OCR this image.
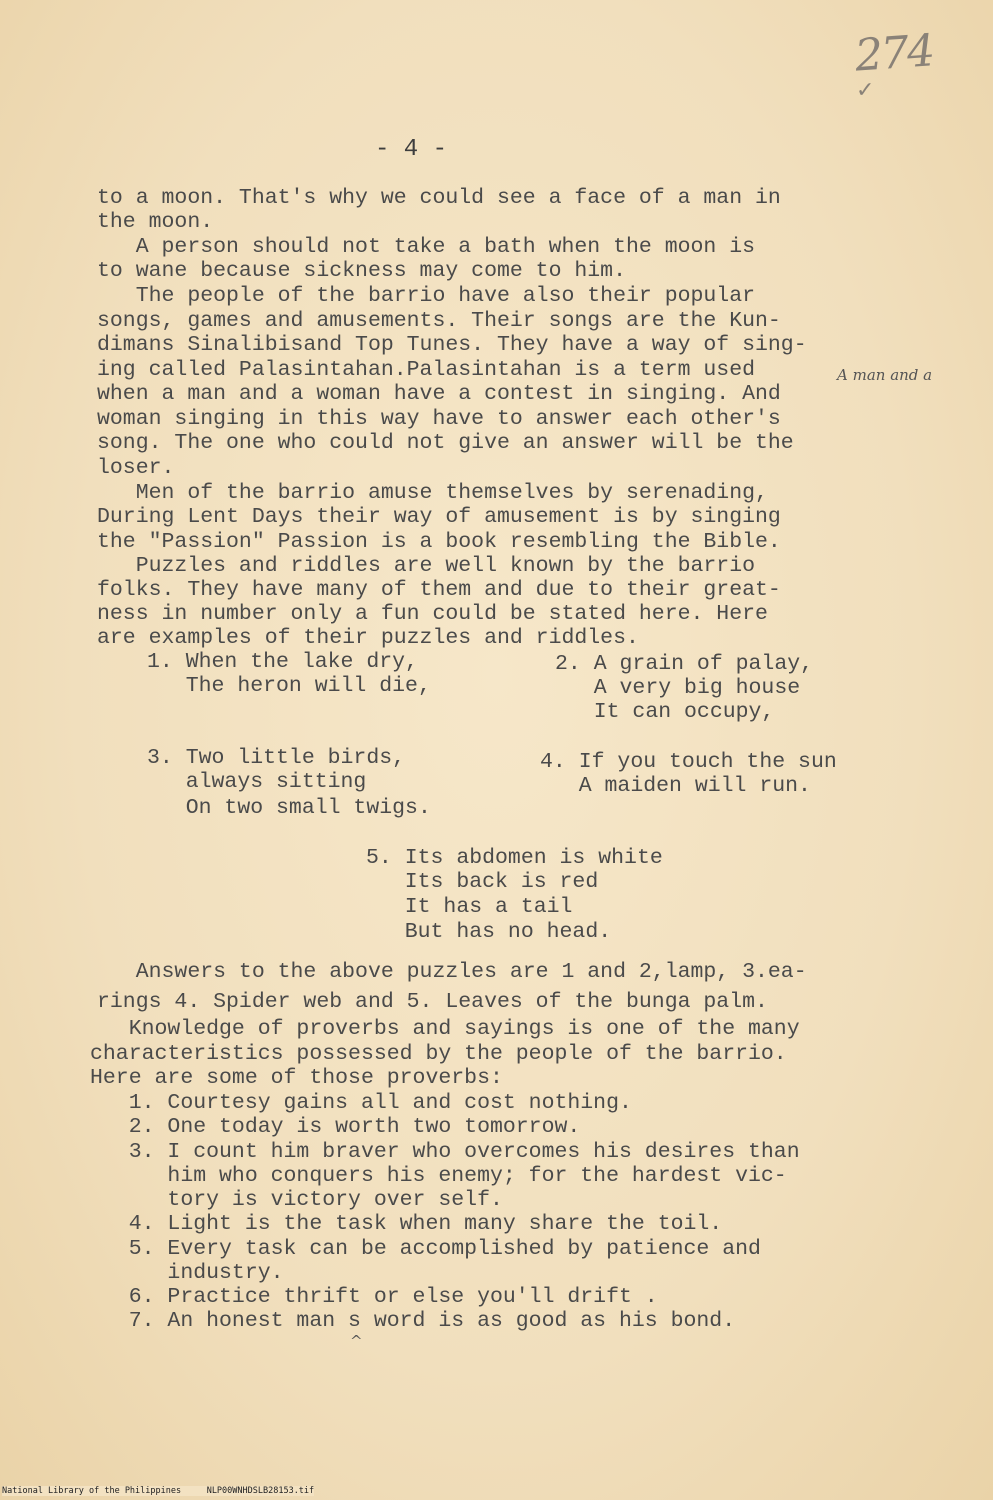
274
✓
- 4 -
to a moon. That's why we could see a face of a man in
the moon.
A person should not take a bath when the moon is
to wane because sickness may come to him.
The people of the barrio have also their popular
songs, games and amusements. Their songs are the Kun-
dimans Sinalibisand Top Tunes. They have a way of sing-
ing called Palasintahan.Palasintahan is a term used
when a man and a woman have a contest in singing. And
A man and a
woman singing in this way have to answer each other's
song. The one who could not give an answer will be the
loser.
Men of the barrio amuse themselves by serenading,
During Lent Days their way of amusement is by singing
the "Passion" Passion is a book resembling the Bible.
Puzzles and riddles are well known by the barrio
folks. They have many of them and due to their great-
ness in number only a fun could be stated here. Here
are examples of their puzzles and riddles.
1. When the lake dry,
The heron will die,
2. A grain of palay,
A very big house
It can occupy,
3. Two little birds,
always sitting
On two small twigs.
4. If you touch the sun
A maiden will run.
5. Its abdomen is white
Its back is red
It has a tail
But has no head.
Answers to the above puzzles are 1 and 2,lamp, 3.ea-
rings 4. Spider web and 5. Leaves of the bunga palm.
Knowledge of proverbs and sayings is one of the many
characteristics possessed by the people of the barrio.
Here are some of those proverbs:
1. Courtesy gains all and cost nothing.
2. One today is worth two tomorrow.
3. I count him braver who overcomes his desires than
him who conquers his enemy; for the hardest vic-
tory is victory over self.
4. Light is the task when many share the toil.
5. Every task can be accomplished by patience and
industry.
6. Practice thrift or else you'll drift .
7. An honest man s word is as good as his bond.
^
National Library of the Philippines     NLP00WNHDSLB28153.tif
